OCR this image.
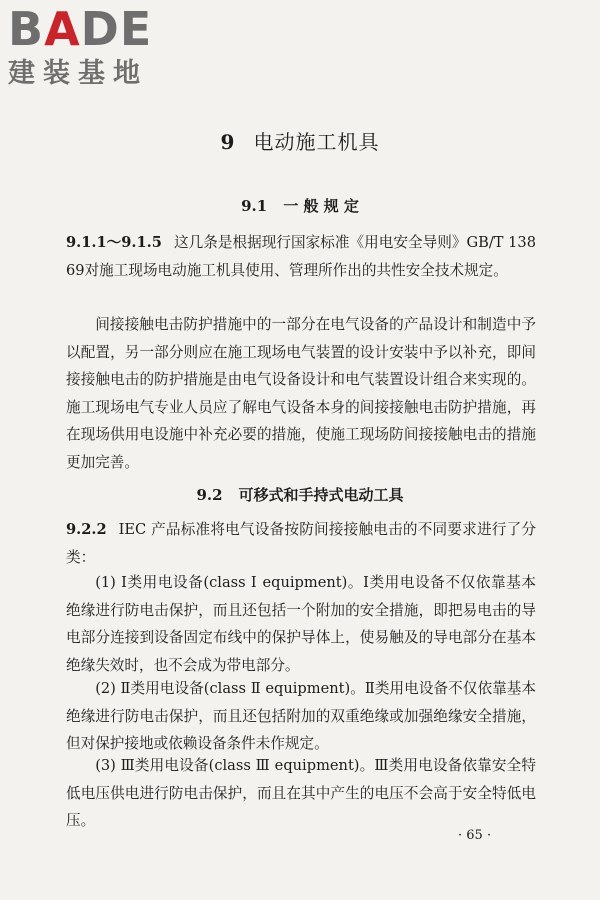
BADE
建装基地
9 电动施工机具
9.1 一 般 规 定

9.1.1～9.1.5 这几条是根据现行国家标准《用电安全导则》GB/T 13869对施工现场电动施工机具使用、管理所作出的共性安全技术规定。

间接接触电击防护措施中的一部分在电气设备的产品设计和制造中予以配置，另一部分则应在施工现场电气装置的设计安装中予以补充，即间接接触电击的防护措施是由电气设备设计和电气装置设计组合来实现的。施工现场电气专业人员应了解电气设备本身的间接接触电击防护措施，再在现场供用电设施中补充必要的措施，使施工现场防间接接触电击的措施更加完善。

9.2 可移式和手持式电动工具

9.2.2 IEC 产品标准将电气设备按防间接接触电击的不同要求进行了分类：

(1) Ⅰ类用电设备(class Ⅰ equipment)。Ⅰ类用电设备不仅依靠基本绝缘进行防电击保护，而且还包括一个附加的安全措施，即把易电击的导电部分连接到设备固定布线中的保护导体上，使易触及的导电部分在基本绝缘失效时，也不会成为带电部分。

(2) Ⅱ类用电设备(class Ⅱ equipment)。Ⅱ类用电设备不仅依靠基本绝缘进行防电击保护，而且还包括附加的双重绝缘或加强绝缘安全措施，但对保护接地或依赖设备条件未作规定。

(3) Ⅲ类用电设备(class Ⅲ equipment)。Ⅲ类用电设备依靠安全特低电压供电进行防电击保护，而且在其中产生的电压不会高于安全特低电压。

· 65 ·
